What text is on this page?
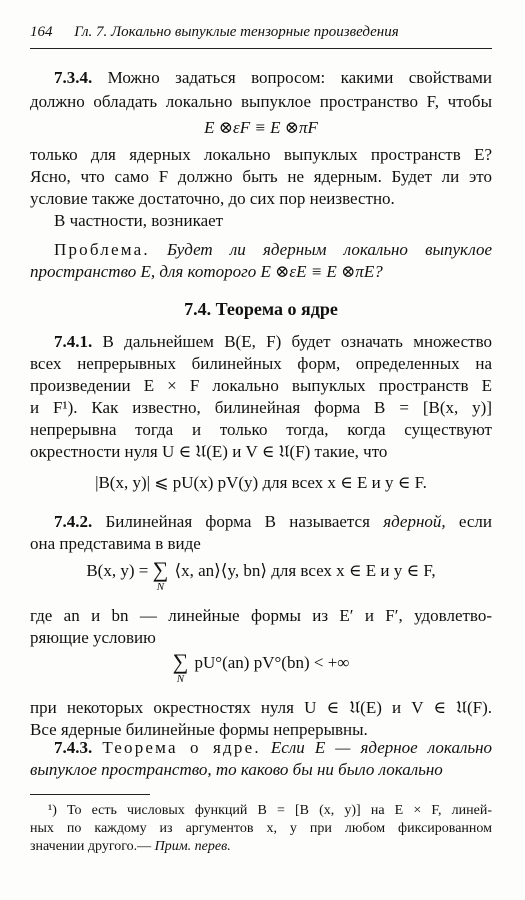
164 Гл. 7. Локально выпуклые тензорные произведения
7.3.4. Можно задаться вопросом: какими свойствами
должно обладать локально выпуклое пространство F, чтобы
E ⊗εF ≡ E ⊗πF
только для ядерных локально выпуклых пространств E?
Ясно, что само F должно быть не ядерным. Будет ли это
условие также достаточно, до сих пор неизвестно.
В частности, возникает
Проблема. Будет ли ядерным локально выпуклое
пространство E, для которого E ⊗εE ≡ E ⊗πE?
7.4. Теорема о ядре
7.4.1. В дальнейшем B(E, F) будет означать множество
всех непрерывных билинейных форм, определенных на
произведении E × F локально выпуклых пространств E
и F¹). Как известно, билинейная форма B = [B(x, y)]
непрерывна тогда и только тогда, когда существуют
окрестности нуля U ∈ 𝔘(E) и V ∈ 𝔘(F) такие, что
|B(x, y)| ⩽ pU(x) pV(y) для всех x ∈ E и y ∈ F.
7.4.2. Билинейная форма B называется ядерной, если
она представима в виде
B(x, y) = ∑
N
⟨x, an⟩⟨y, bn⟩ для всех x ∈ E и y ∈ F,
где an и bn — линейные формы из E′ и F′, удовлетво-
ряющие условию
∑
N
pU°(an) pV°(bn) < +∞
при некоторых окрестностях нуля U ∈ 𝔘(E) и V ∈ 𝔘(F).
Все ядерные билинейные формы непрерывны.
7.4.3. Теорема о ядре. Если E — ядерное локально
выпуклое пространство, то каково бы ни было локально
¹) То есть числовых функций B = [B (x, y)] на E × F, линей-
ных по каждому из аргументов x, y при любом фиксированном
значении другого.— Прим. перев.
